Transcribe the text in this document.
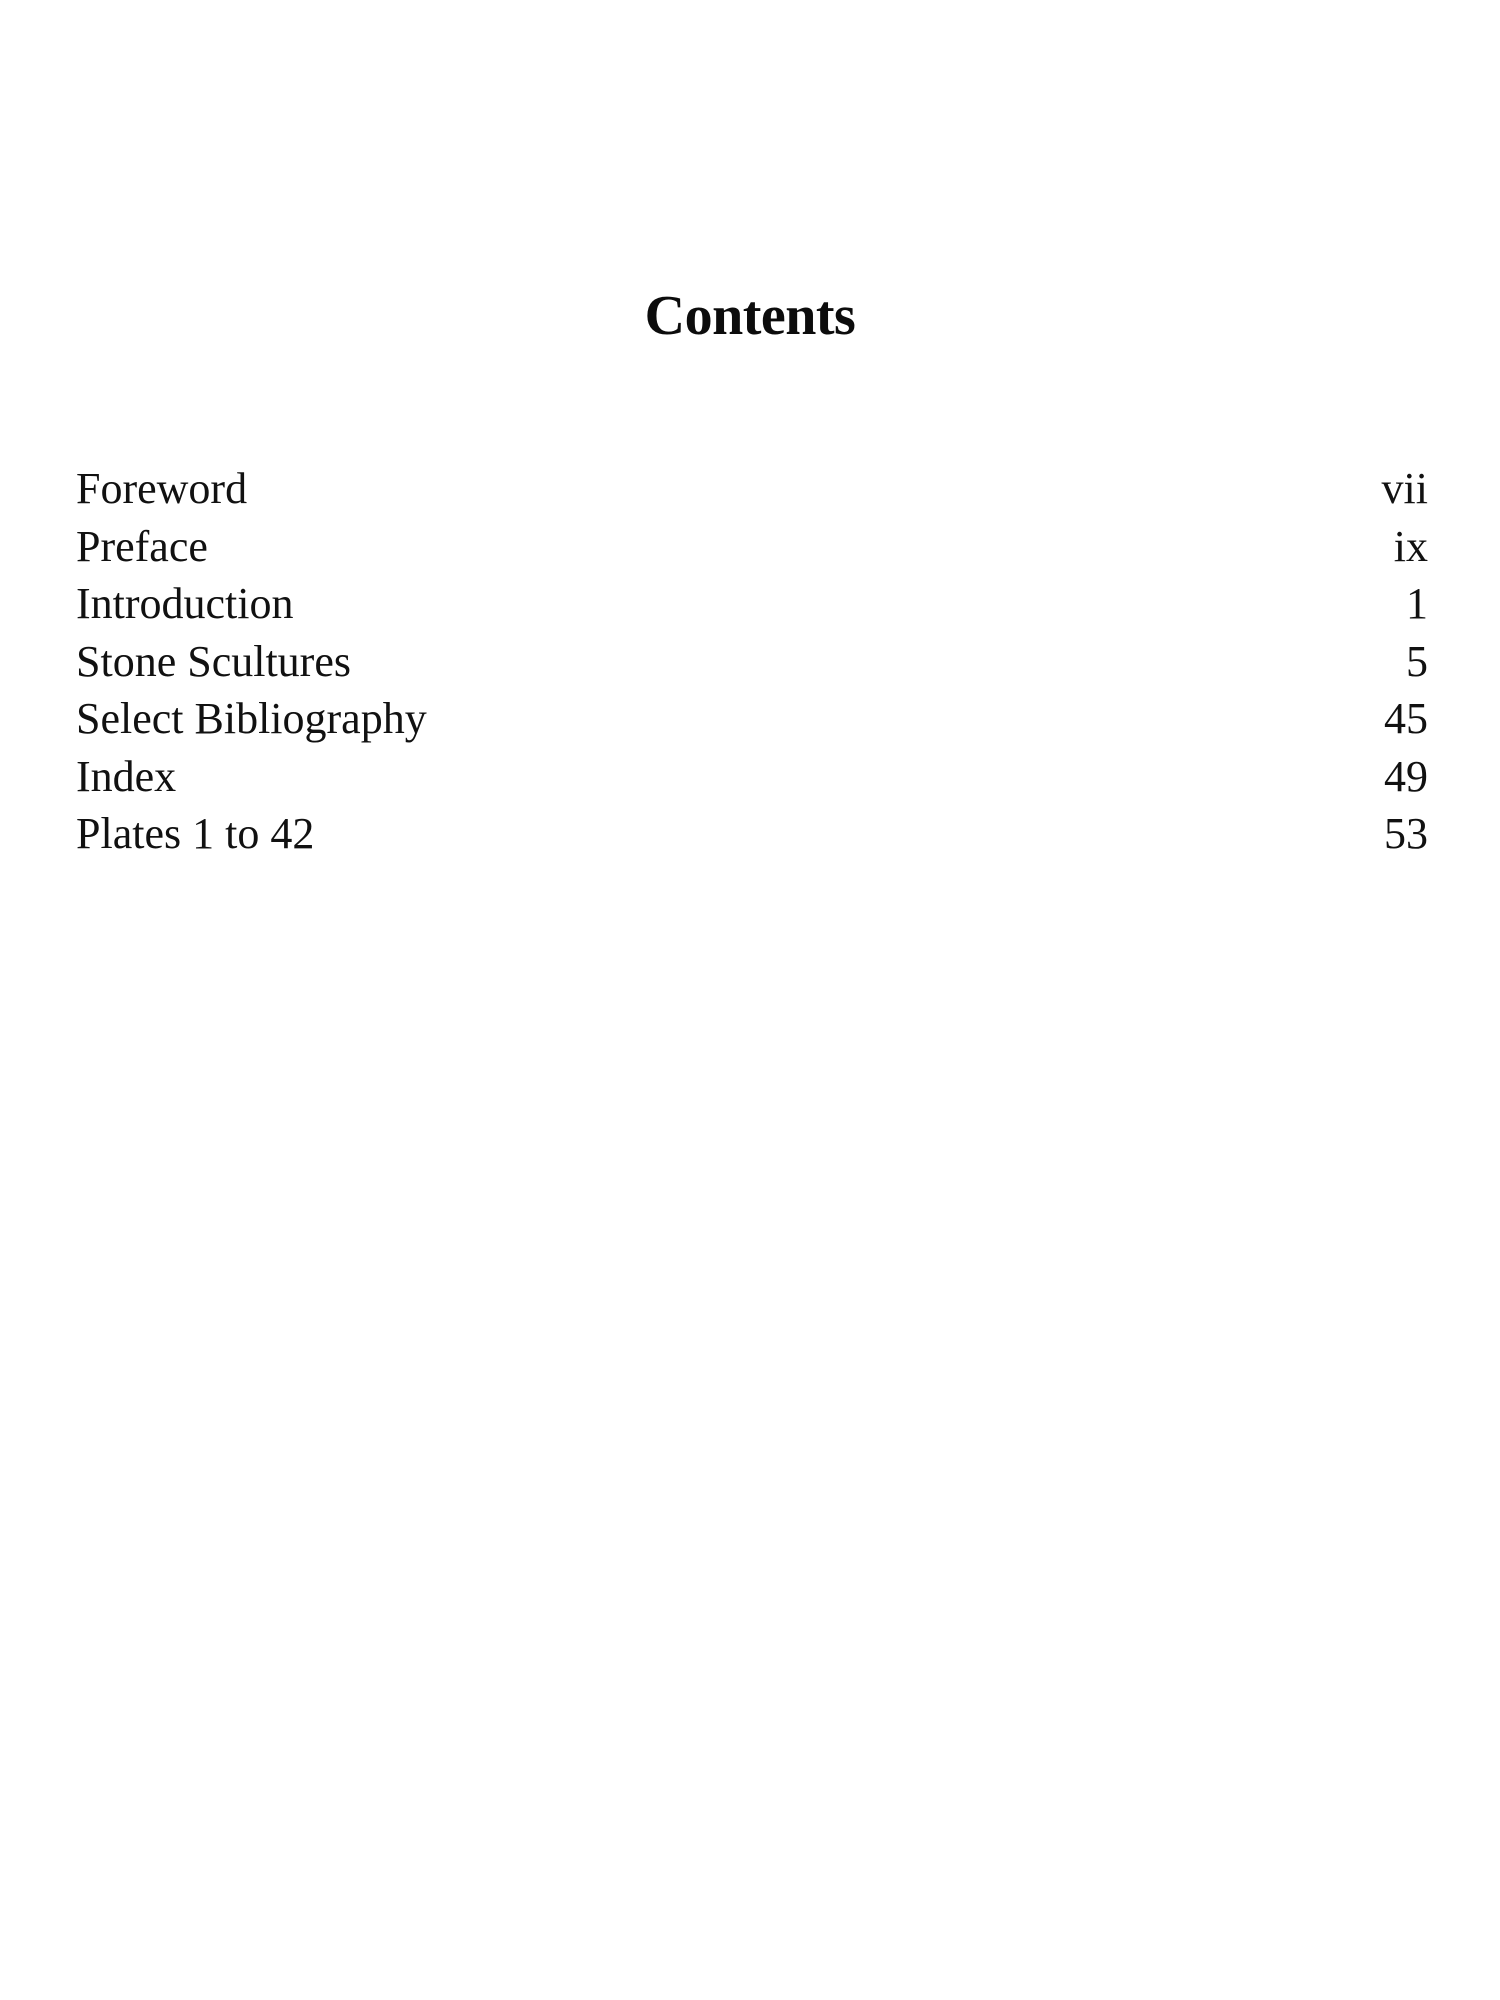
Contents
Foreword	vii
Preface	ix
Introduction	1
Stone Scultures	5
Select Bibliography	45
Index	49
Plates 1 to 42	53
